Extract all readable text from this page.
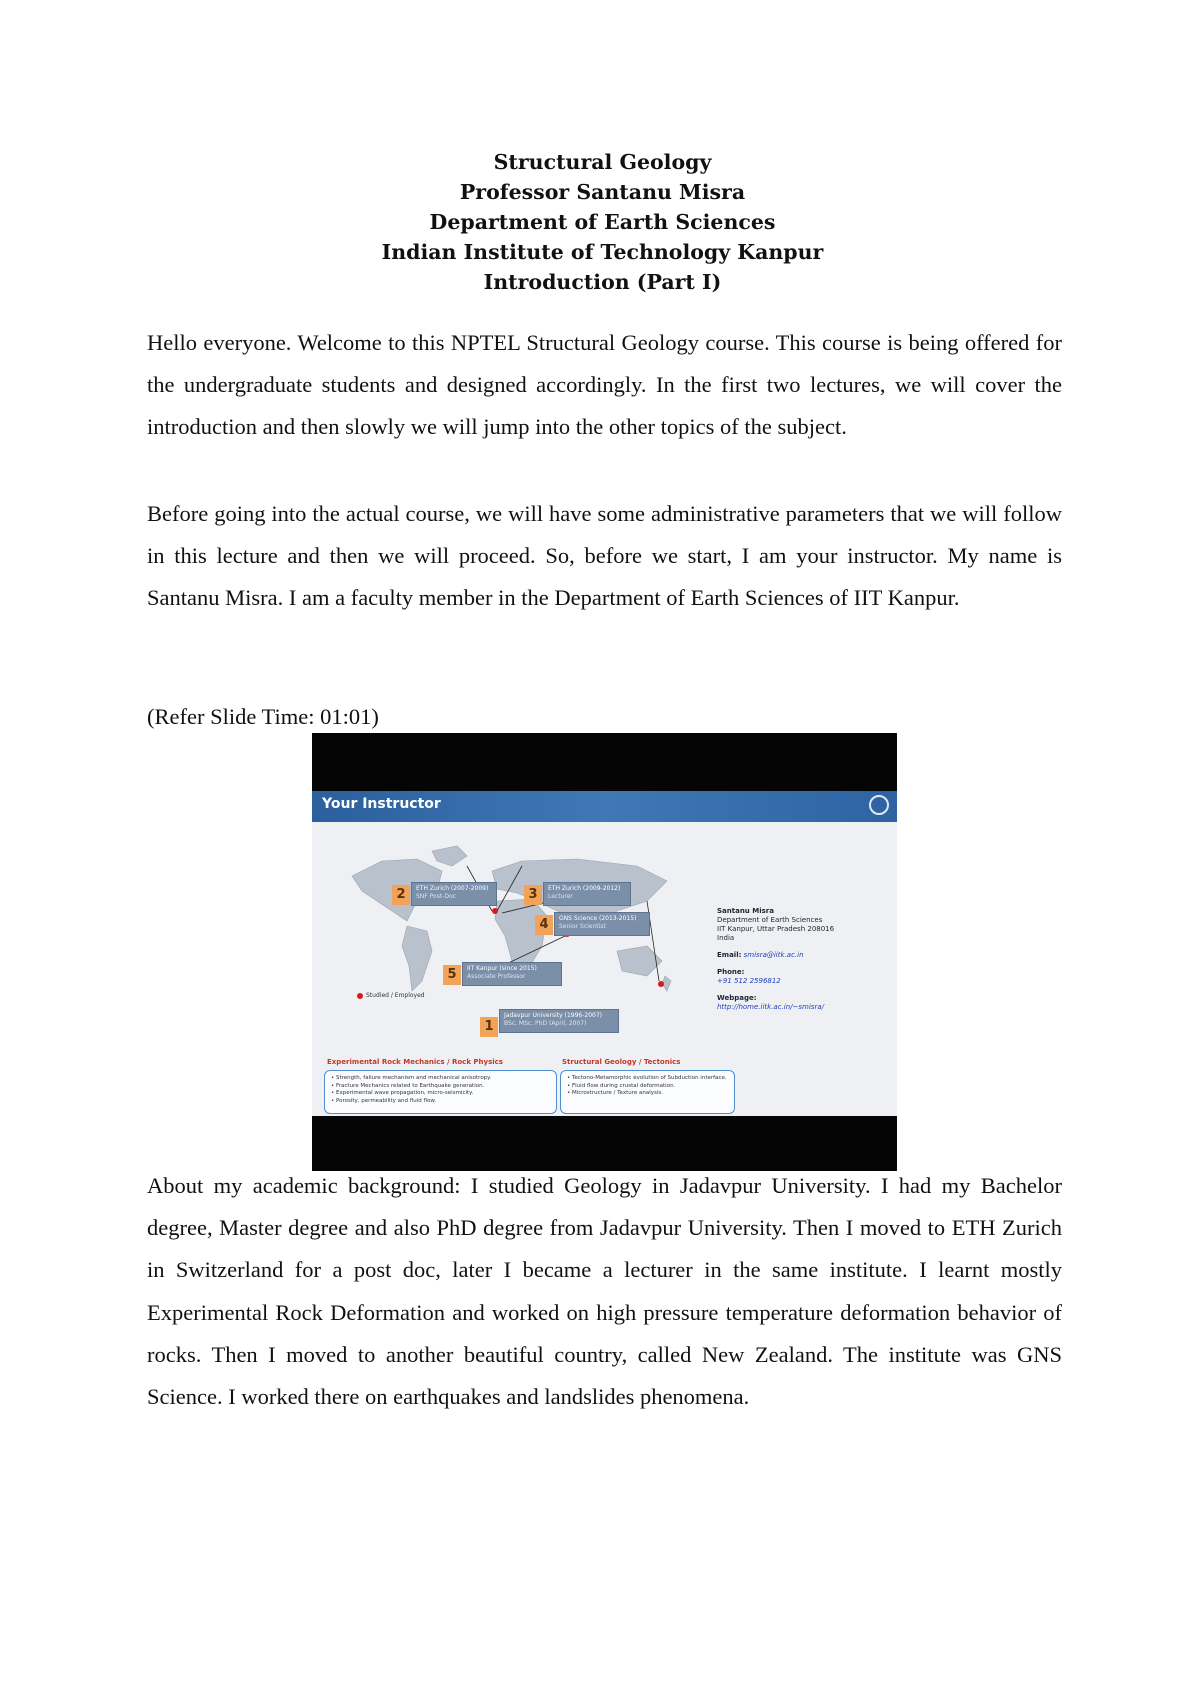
Structural Geology
Professor Santanu Misra
Department of Earth Sciences
Indian Institute of Technology Kanpur
Introduction (Part I)

Hello everyone. Welcome to this NPTEL Structural Geology course. This course is being offered for the undergraduate students and designed accordingly. In the first two lectures, we will cover the introduction and then slowly we will jump into the other topics of the subject.

Before going into the actual course, we will have some administrative parameters that we will follow in this lecture and then we will proceed. So, before we start, I am your instructor. My name is Santanu Misra. I am a faculty member in the Department of Earth Sciences of IIT Kanpur.

(Refer Slide Time: 01:01)
Your Instructor
2	ETH Zurich (2007-2009)
SNF Post-Doc	3	ETH Zurich (2009-2012)
Lecturer
4	GNS Science (2013-2015)
Senior Scientist
5	IIT Kanpur (since 2015)
Associate Professor
1
Jadavpur University (1996-2007)
BSc, MSc, PhD (April, 2007)
Studied / Employed
Santanu Misra
Department of Earth Sciences
IIT Kanpur, Uttar Pradesh 208016
India
Email: smisra@iitk.ac.in
Phone:
+91 512 2596812
Webpage:
http://home.iitk.ac.in/~smisra/
Experimental Rock Mechanics / Rock Physics
• Strength, failure mechanism and mechanical anisotropy.
• Fracture Mechanics related to Earthquake generation.
• Experimental wave propagation, micro-seismicity.
• Porosity, permeability and fluid flow.
Structural Geology / Tectonics
• Tectono-Metamorphic evolution of Subduction interface.
• Fluid flow during crustal deformation.
• Microstructure / Texture analysis.

About my academic background: I studied Geology in Jadavpur University. I had my Bachelor degree, Master degree and also PhD degree from Jadavpur University. Then I moved to ETH Zurich in Switzerland for a post doc, later I became a lecturer in the same institute. I learnt mostly Experimental Rock Deformation and worked on high pressure temperature deformation behavior of rocks. Then I moved to another beautiful country, called New Zealand. The institute was GNS Science. I worked there on earthquakes and landslides phenomena.
